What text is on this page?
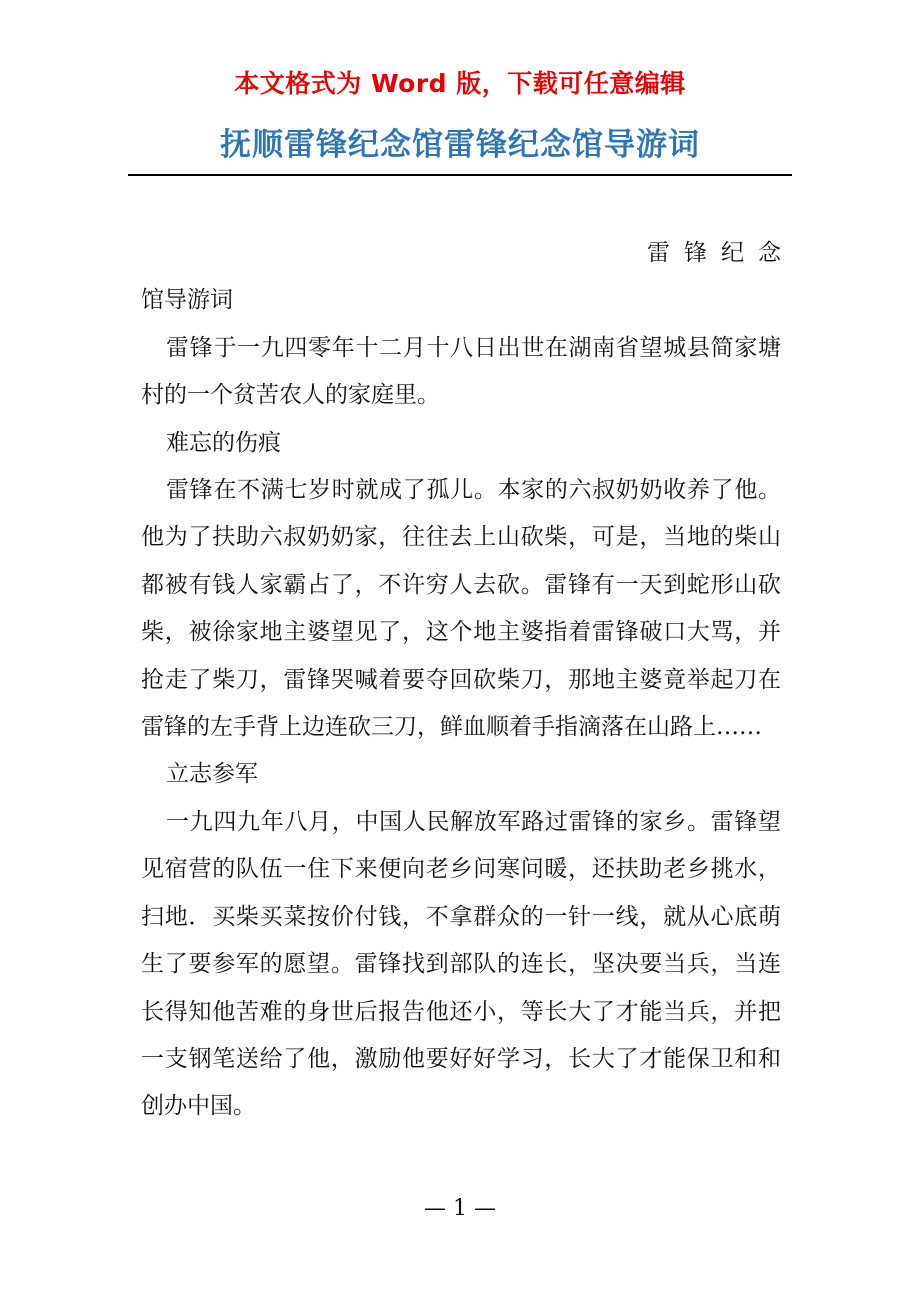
本文格式为 Word 版，下载可任意编辑
抚顺雷锋纪念馆雷锋纪念馆导游词

雷锋纪念

馆导游词

雷锋于一九四零年十二月十八日出世在湖南省望城县简家塘村的一个贫苦农人的家庭里。

难忘的伤痕

雷锋在不满七岁时就成了孤儿。本家的六叔奶奶收养了他。他为了扶助六叔奶奶家，往往去上山砍柴，可是，当地的柴山都被有钱人家霸占了，不许穷人去砍。雷锋有一天到蛇形山砍柴，被徐家地主婆望见了，这个地主婆指着雷锋破口大骂，并抢走了柴刀，雷锋哭喊着要夺回砍柴刀，那地主婆竟举起刀在雷锋的左手背上边连砍三刀，鲜血顺着手指滴落在山路上……

立志参军

一九四九年八月，中国人民解放军路过雷锋的家乡。雷锋望见宿营的队伍一住下来便向老乡问寒问暖，还扶助老乡挑水，扫地．买柴买菜按价付钱，不拿群众的一针一线，就从心底萌生了要参军的愿望。雷锋找到部队的连长，坚决要当兵，当连长得知他苦难的身世后报告他还小，等长大了才能当兵，并把一支钢笔送给了他，激励他要好好学习，长大了才能保卫和和创办中国。

— 1 —
